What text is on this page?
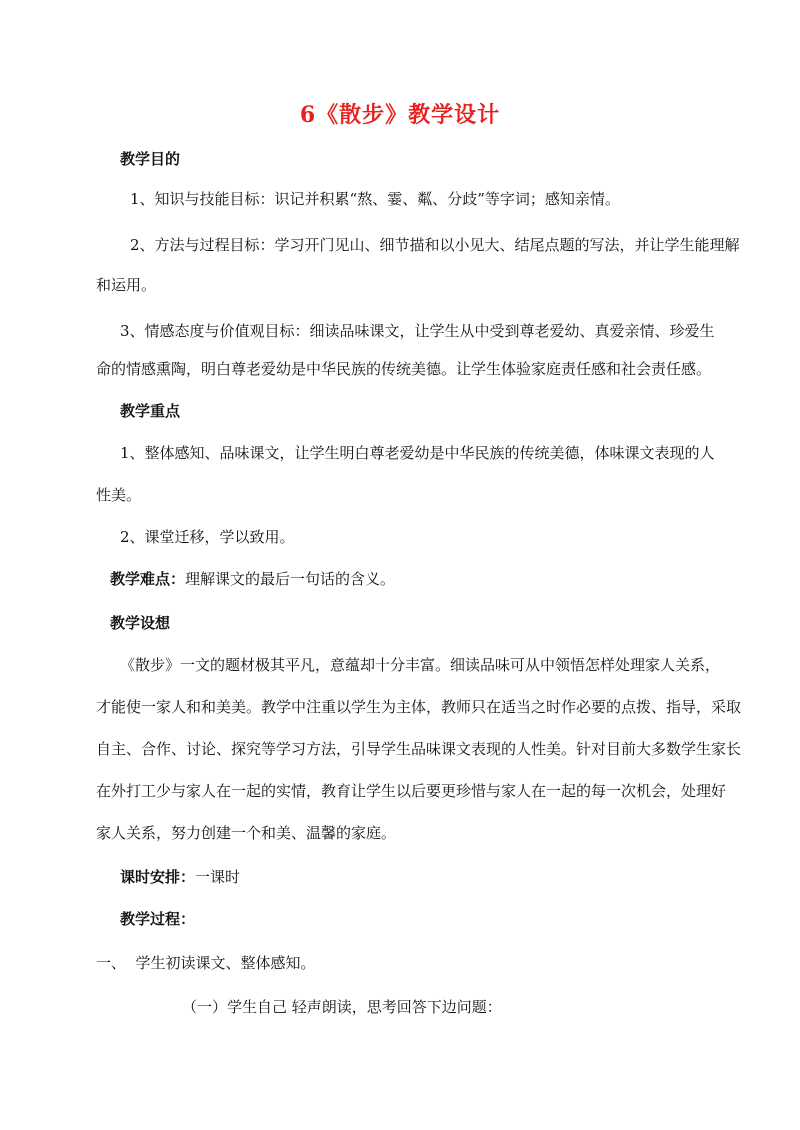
6《散步》教学设计
教学目的
1、知识与技能目标：识记并积累“熬、霎、粼、分歧”等字词；感知亲情。
2、方法与过程目标：学习开门见山、细节描和以小见大、结尾点题的写法，并让学生能理解
和运用。
3、情感态度与价值观目标：细读品味课文，让学生从中受到尊老爱幼、真爱亲情、珍爱生
命的情感熏陶，明白尊老爱幼是中华民族的传统美德。让学生体验家庭责任感和社会责任感。
教学重点
1、整体感知、品味课文，让学生明白尊老爱幼是中华民族的传统美德，体味课文表现的人
性美。
2、课堂迁移，学以致用。
教学难点：理解课文的最后一句话的含义。
教学设想
《散步》一文的题材极其平凡，意蕴却十分丰富。细读品味可从中领悟怎样处理家人关系，
才能使一家人和和美美。教学中注重以学生为主体，教师只在适当之时作必要的点拨、指导，采取
自主、合作、讨论、探究等学习方法，引导学生品味课文表现的人性美。针对目前大多数学生家长
在外打工少与家人在一起的实情，教育让学生以后要更珍惜与家人在一起的每一次机会，处理好
家人关系，努力创建一个和美、温馨的家庭。
课时安排：一课时
教学过程：
一、  学生初读课文、整体感知。
（一）学生自己 轻声朗读，思考回答下边问题：
